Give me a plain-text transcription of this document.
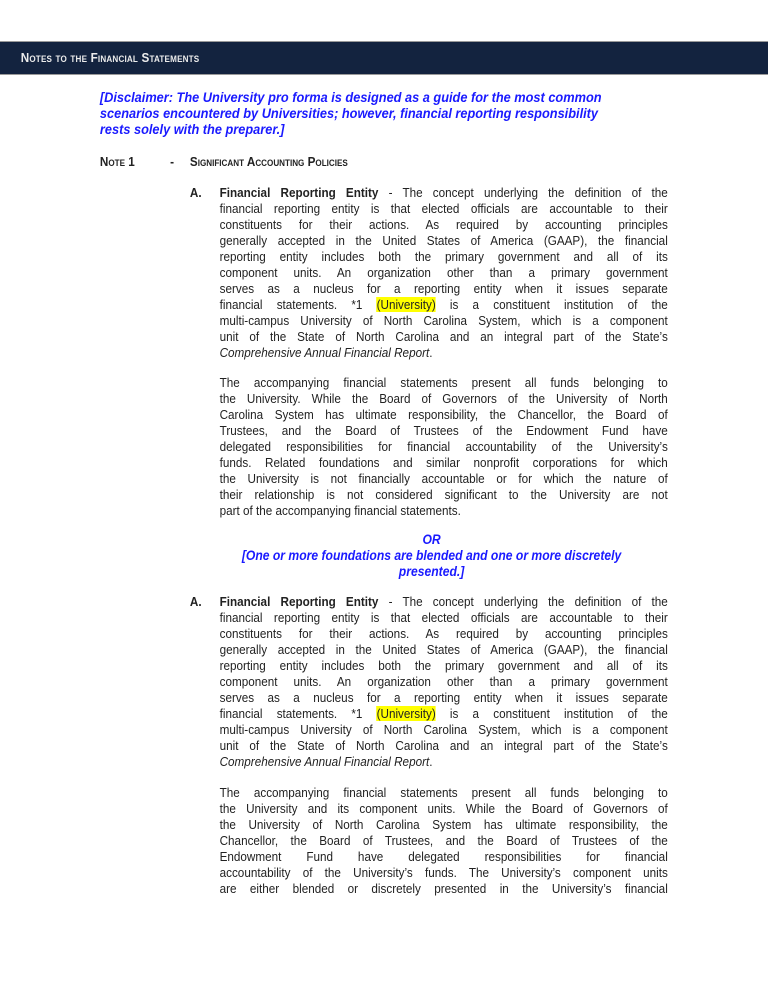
Notes to the Financial Statements
[Disclaimer: The University pro forma is designed as a guide for the most common
scenarios encountered by Universities; however, financial reporting responsibility
rests solely with the preparer.]
Note 1	- Significant Accounting Policies
A. Financial Reporting Entity - The concept underlying the definition of the
financial reporting entity is that elected officials are accountable to their
constituents for their actions. As required by accounting principles
generally accepted in the United States of America (GAAP), the financial
reporting entity includes both the primary government and all of its
component units. An organization other than a primary government
serves as a nucleus for a reporting entity when it issues separate
financial statements. *1 (University) is a constituent institution of the
multi-campus University of North Carolina System, which is a component
unit of the State of North Carolina and an integral part of the State’s
Comprehensive Annual Financial Report.
The accompanying financial statements present all funds belonging to
the University. While the Board of Governors of the University of North
Carolina System has ultimate responsibility, the Chancellor, the Board of
Trustees, and the Board of Trustees of the Endowment Fund have
delegated responsibilities for financial accountability of the University’s
funds. Related foundations and similar nonprofit corporations for which
the University is not financially accountable or for which the nature of
their relationship is not considered significant to the University are not
part of the accompanying financial statements.
OR
[One or more foundations are blended and one or more discretely
presented.]
A. Financial Reporting Entity - The concept underlying the definition of the
financial reporting entity is that elected officials are accountable to their
constituents for their actions. As required by accounting principles
generally accepted in the United States of America (GAAP), the financial
reporting entity includes both the primary government and all of its
component units. An organization other than a primary government
serves as a nucleus for a reporting entity when it issues separate
financial statements. *1 (University) is a constituent institution of the
multi-campus University of North Carolina System, which is a component
unit of the State of North Carolina and an integral part of the State’s
Comprehensive Annual Financial Report.
The accompanying financial statements present all funds belonging to
the University and its component units. While the Board of Governors of
the University of North Carolina System has ultimate responsibility, the
Chancellor, the Board of Trustees, and the Board of Trustees of the
Endowment Fund have delegated responsibilities for financial
accountability of the University’s funds. The University’s component units
are either blended or discretely presented in the University’s financial
